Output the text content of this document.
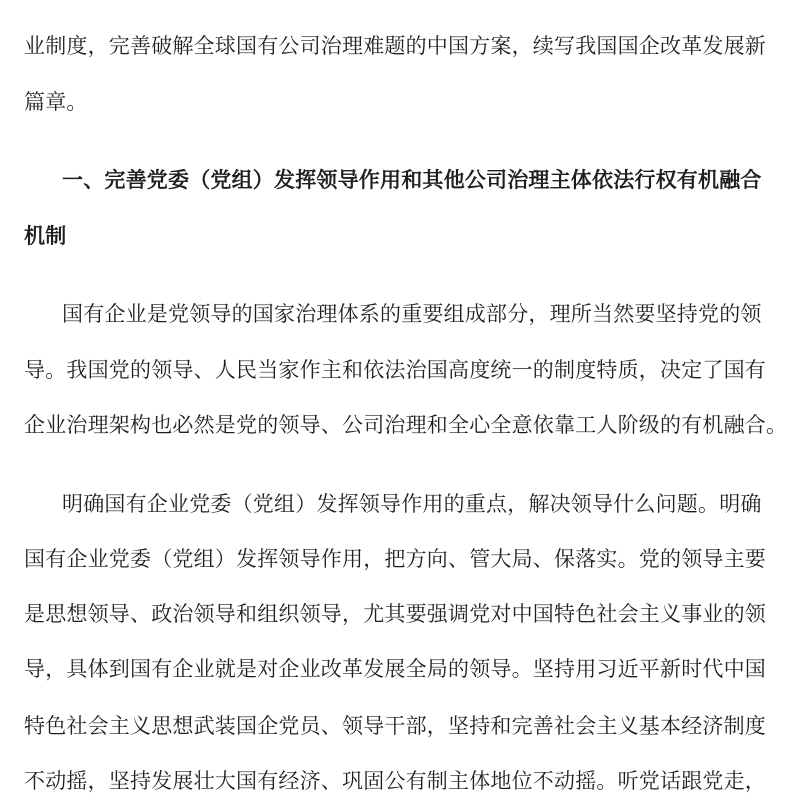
业制度，完善破解全球国有公司治理难题的中国方案，续写我国国企改革发展新
篇章。
一、完善党委（党组）发挥领导作用和其他公司治理主体依法行权有机融合
机制
国有企业是党领导的国家治理体系的重要组成部分，理所当然要坚持党的领
导。我国党的领导、人民当家作主和依法治国高度统一的制度特质，决定了国有
企业治理架构也必然是党的领导、公司治理和全心全意依靠工人阶级的有机融合。
明确国有企业党委（党组）发挥领导作用的重点，解决领导什么问题。明确
国有企业党委（党组）发挥领导作用，把方向、管大局、保落实。党的领导主要
是思想领导、政治领导和组织领导，尤其要强调党对中国特色社会主义事业的领
导，具体到国有企业就是对企业改革发展全局的领导。坚持用习近平新时代中国
特色社会主义思想武装国企党员、领导干部，坚持和完善社会主义基本经济制度
不动摇，坚持发展壮大国有经济、巩固公有制主体地位不动摇。听党话跟党走，
